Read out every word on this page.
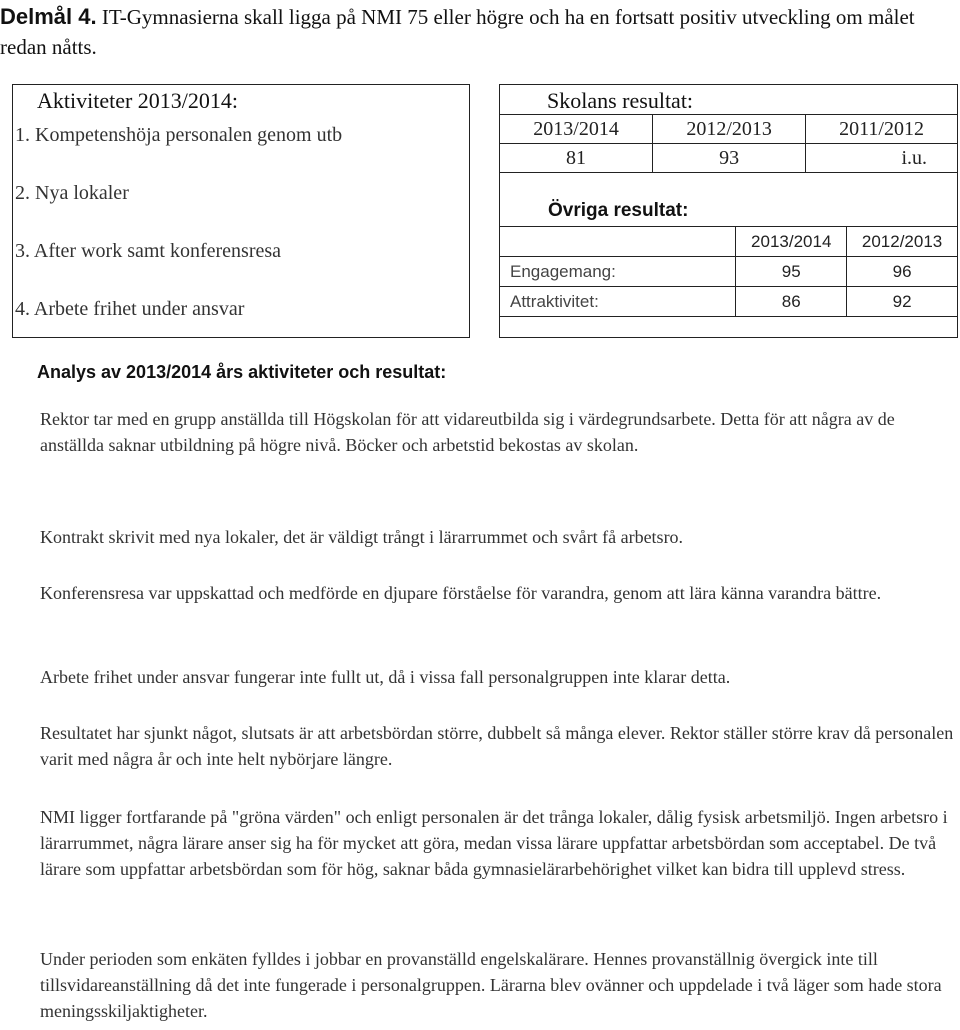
Delmål 4. IT-Gymnasierna skall ligga på NMI 75 eller högre och ha en fortsatt positiv utveckling om målet redan nåtts.
Aktiviteter 2013/2014:
1. Kompetenshöja personalen genom utb
2. Nya lokaler
3. After work samt konferensresa
4. Arbete frihet under ansvar
Skolans resultat:
2013/2014	2012/2013	2011/2012
81	93	i.u.
Övriga resultat:
	2013/2014	2012/2013
Engagemang:	95	96
Attraktivitet:	86	92
Analys av 2013/2014 års aktiviteter och resultat:

Rektor tar med en grupp anställda till Högskolan för att vidareutbilda sig i värdegrundsarbete. Detta för att några av de anställda saknar utbildning på högre nivå. Böcker och arbetstid bekostas av skolan.

Kontrakt skrivit med nya lokaler, det är väldigt trångt i lärarrummet och svårt få arbetsro.

Konferensresa var uppskattad och medförde en djupare förståelse för varandra, genom att lära känna varandra bättre.

Arbete frihet under ansvar fungerar inte fullt ut, då i vissa fall personalgruppen inte klarar detta.

Resultatet har sjunkt något, slutsats är att arbetsbördan större, dubbelt så många elever. Rektor ställer större krav då personalen varit med några år och inte helt nybörjare längre.

NMI ligger fortfarande på "gröna värden" och enligt personalen är det trånga lokaler, dålig fysisk arbetsmiljö. Ingen arbetsro i lärarrummet, några lärare anser sig ha för mycket att göra, medan vissa lärare uppfattar arbetsbördan som acceptabel. De två lärare som uppfattar arbetsbördan som för hög, saknar båda gymnasielärarbehörighet vilket kan bidra till upplevd stress.

Under perioden som enkäten fylldes i jobbar en provanställd engelskalärare. Hennes provanställnig övergick inte till tillsvidareanställning då det inte fungerade i personalgruppen. Lärarna blev ovänner och uppdelade i två läger som hade stora meningsskiljaktigheter.
